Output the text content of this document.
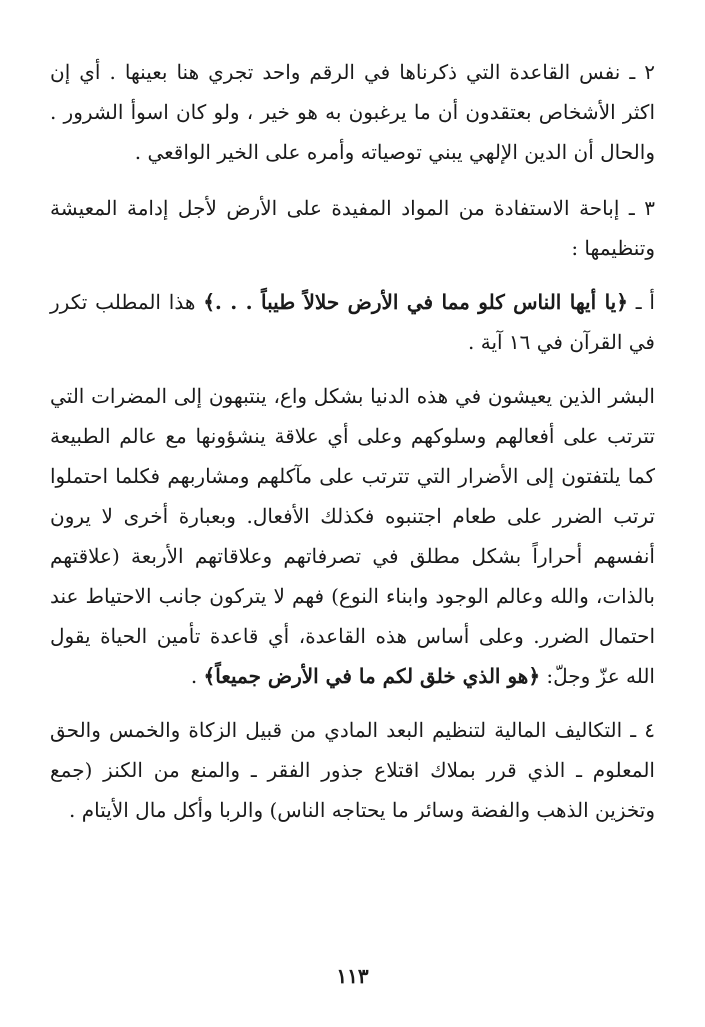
٢ ـ نفس القاعدة التي ذكرناها في الرقم واحد تجري هنا بعينها . أي إن اكثر الأشخاص بعتقدون أن ما يرغبون به هو خير ، ولو كان اسوأ الشرور . والحال أن الدين الإلهي يبني توصياته وأمره على الخير الواقعي .

٣ ـ إباحة الاستفادة من المواد المفيدة على الأرض لأجل إدامة المعيشة وتنظيمها :

أ ـ ﴿يا أيها الناس كلو مما في الأرض حلالاً طيباً . . .﴾ هذا المطلب تكرر في القرآن في ١٦ آية .

البشر الذين يعيشون في هذه الدنيا بشكل واع، ينتبهون إلى المضرات التي تترتب على أفعالهم وسلوكهم وعلى أي علاقة ينشؤونها مع عالم الطبيعة كما يلتفتون إلى الأضرار التي تترتب على مآكلهم ومشاربهم فكلما احتملوا ترتب الضرر على طعام اجتنبوه فكذلك الأفعال. وبعبارة أخرى لا يرون أنفسهم أحراراً بشكل مطلق في تصرفاتهم وعلاقاتهم الأربعة (علاقتهم بالذات، والله وعالم الوجود وابناء النوع) فهم لا يتركون جانب الاحتياط عند احتمال الضرر. وعلى أساس هذه القاعدة، أي قاعدة تأمين الحياة يقول الله عزّ وجلّ: ﴿هو الذي خلق لكم ما في الأرض جميعاً﴾ .

٤ ـ التكاليف المالية لتنظيم البعد المادي من قبيل الزكاة والخمس والحق المعلوم ـ الذي قرر بملاك اقتلاع جذور الفقر ـ والمنع من الكنز (جمع وتخزين الذهب والفضة وسائر ما يحتاجه الناس) والربا وأكل مال الأيتام .

١١٣
